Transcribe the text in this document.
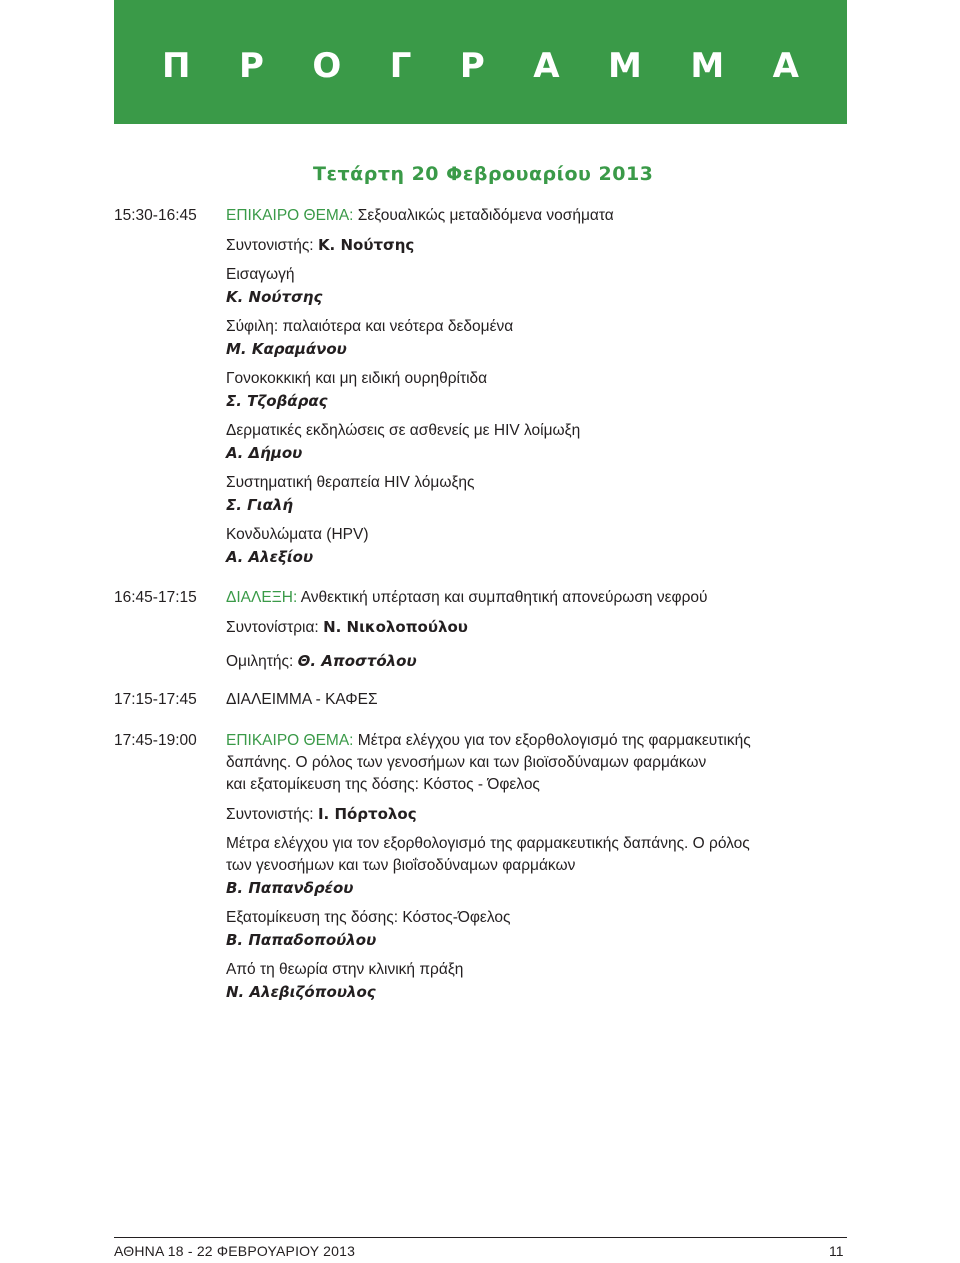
Π Ρ Ο Γ Ρ Α Μ Μ Α
Τετάρτη 20 Φεβρουαρίου 2013
15:30-16:45	ΕΠΙΚΑΙΡΟ ΘΕΜΑ: Σεξουαλικώς μεταδιδόμενα νοσήματα
Συντονιστής: Κ. Νούτσης
Εισαγωγή
Κ. Νούτσης
Σύφιλη: παλαιότερα και νεότερα δεδομένα
Μ. Καραμάνου
Γονοκοκκική και μη ειδική ουρηθρίτιδα
Σ. Τζοβάρας
Δερματικές εκδηλώσεις σε ασθενείς με HIV λοίμωξη
Α. Δήμου
Συστηματική θεραπεία HIV λόμωξης
Σ. Γιαλή
Κονδυλώματα (HPV)
Α. Αλεξίου
16:45-17:15	ΔΙΑΛΕΞΗ: Ανθεκτική υπέρταση και συμπαθητική απονεύρωση νεφρού
Συντονίστρια: Ν. Νικολοπούλου
Ομιλητής: Θ. Αποστόλου
17:15-17:45	ΔΙΑΛΕΙΜΜΑ - ΚΑΦΕΣ
17:45-19:00	ΕΠΙΚΑΙΡΟ ΘΕΜΑ: Μέτρα ελέγχου για τον εξορθολογισμό της φαρμακευτικής
δαπάνης. Ο ρόλος των γενοσήμων και των βιοϊσοδύναμων φαρμάκων
και εξατομίκευση της δόσης: Κόστος - Όφελος
Συντονιστής: Ι. Πόρτολος
Μέτρα ελέγχου για τον εξορθολογισμό της φαρμακευτικής δαπάνης. Ο ρόλος
των γενοσήμων και των βιοΐσοδύναμων φαρμάκων
Β. Παπανδρέου
Εξατομίκευση της δόσης: Κόστος-Όφελος
Β. Παπαδοπούλου
Από τη θεωρία στην κλινική πράξη
Ν. Αλεβιζόπουλος
ΑΘΗΝΑ 18 - 22 ΦΕΒΡΟΥΑΡΙΟΥ 2013	11
